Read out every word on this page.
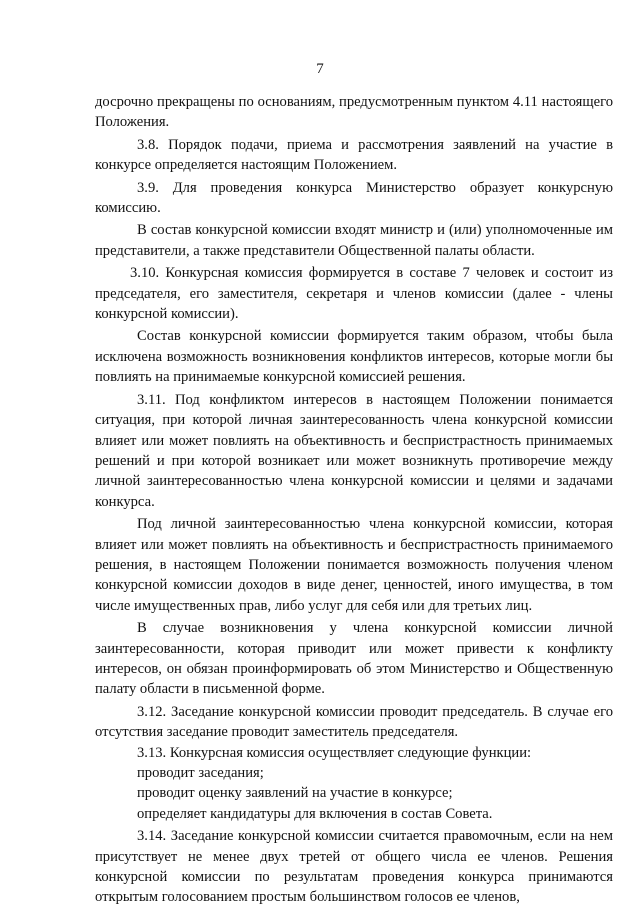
7

досрочно прекращены по основаниям, предусмотренным пунктом 4.11 настоящего Положения.

3.8. Порядок подачи, приема и рассмотрения заявлений на участие в конкурсе определяется настоящим Положением.

3.9. Для проведения конкурса Министерство образует конкурсную комиссию.

В состав конкурсной комиссии входят министр и (или) уполномоченные им представители, а также представители Общественной палаты области.

3.10. Конкурсная комиссия формируется в составе 7 человек и состоит из председателя, его заместителя, секретаря и членов комиссии (далее - члены конкурсной комиссии).

Состав конкурсной комиссии формируется таким образом, чтобы была исключена возможность возникновения конфликтов интересов, которые могли бы повлиять на принимаемые конкурсной комиссией решения.

3.11. Под конфликтом интересов в настоящем Положении понимается ситуация, при которой личная заинтересованность члена конкурсной комиссии влияет или может повлиять на объективность и беспристрастность принимаемых решений и при которой возникает или может возникнуть противоречие между личной заинтересованностью члена конкурсной комиссии и целями и задачами конкурса.

Под личной заинтересованностью члена конкурсной комиссии, которая влияет или может повлиять на объективность и беспристрастность принимаемого решения, в настоящем Положении понимается возможность получения членом конкурсной комиссии доходов в виде денег, ценностей, иного имущества, в том числе имущественных прав, либо услуг для себя или для третьих лиц.

В случае возникновения у члена конкурсной комиссии личной заинтересованности, которая приводит или может привести к конфликту интересов, он обязан проинформировать об этом Министерство и Общественную палату области в письменной форме.

3.12. Заседание конкурсной комиссии проводит председатель. В случае его отсутствия заседание проводит заместитель председателя.

3.13. Конкурсная комиссия осуществляет следующие функции:

проводит заседания;

проводит оценку заявлений на участие в конкурсе;

определяет кандидатуры для включения в состав Совета.

3.14. Заседание конкурсной комиссии считается правомочным, если на нем присутствует не менее двух третей от общего числа ее членов. Решения конкурсной комиссии по результатам проведения конкурса принимаются открытым голосованием простым большинством голосов ее членов,
